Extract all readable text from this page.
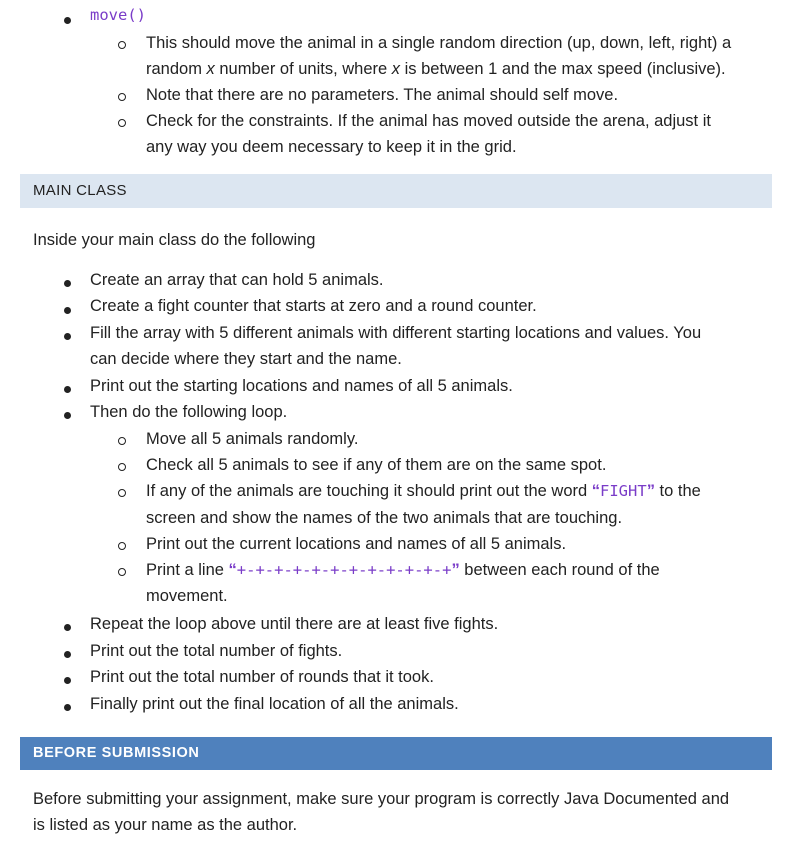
move()
This should move the animal in a single random direction (up, down, left, right) a
random x number of units, where x is between 1 and the max speed (inclusive).
Note that there are no parameters. The animal should self move.
Check for the constraints. If the animal has moved outside the arena, adjust it
any way you deem necessary to keep it in the grid.
MAIN CLASS
Inside your main class do the following
Create an array that can hold 5 animals.
Create a fight counter that starts at zero and a round counter.
Fill the array with 5 different animals with different starting locations and values. You
can decide where they start and the name.
Print out the starting locations and names of all 5 animals.
Then do the following loop.
Move all 5 animals randomly.
Check all 5 animals to see if any of them are on the same spot.
If any of the animals are touching it should print out the word “FIGHT” to the
screen and show the names of the two animals that are touching.
Print out the current locations and names of all 5 animals.
Print a line “+-+-+-+-+-+-+-+-+-+-+-+” between each round of the
movement.
Repeat the loop above until there are at least five fights.
Print out the total number of fights.
Print out the total number of rounds that it took.
Finally print out the final location of all the animals.
BEFORE SUBMISSION
Before submitting your assignment, make sure your program is correctly Java Documented and
is listed as your name as the author.
